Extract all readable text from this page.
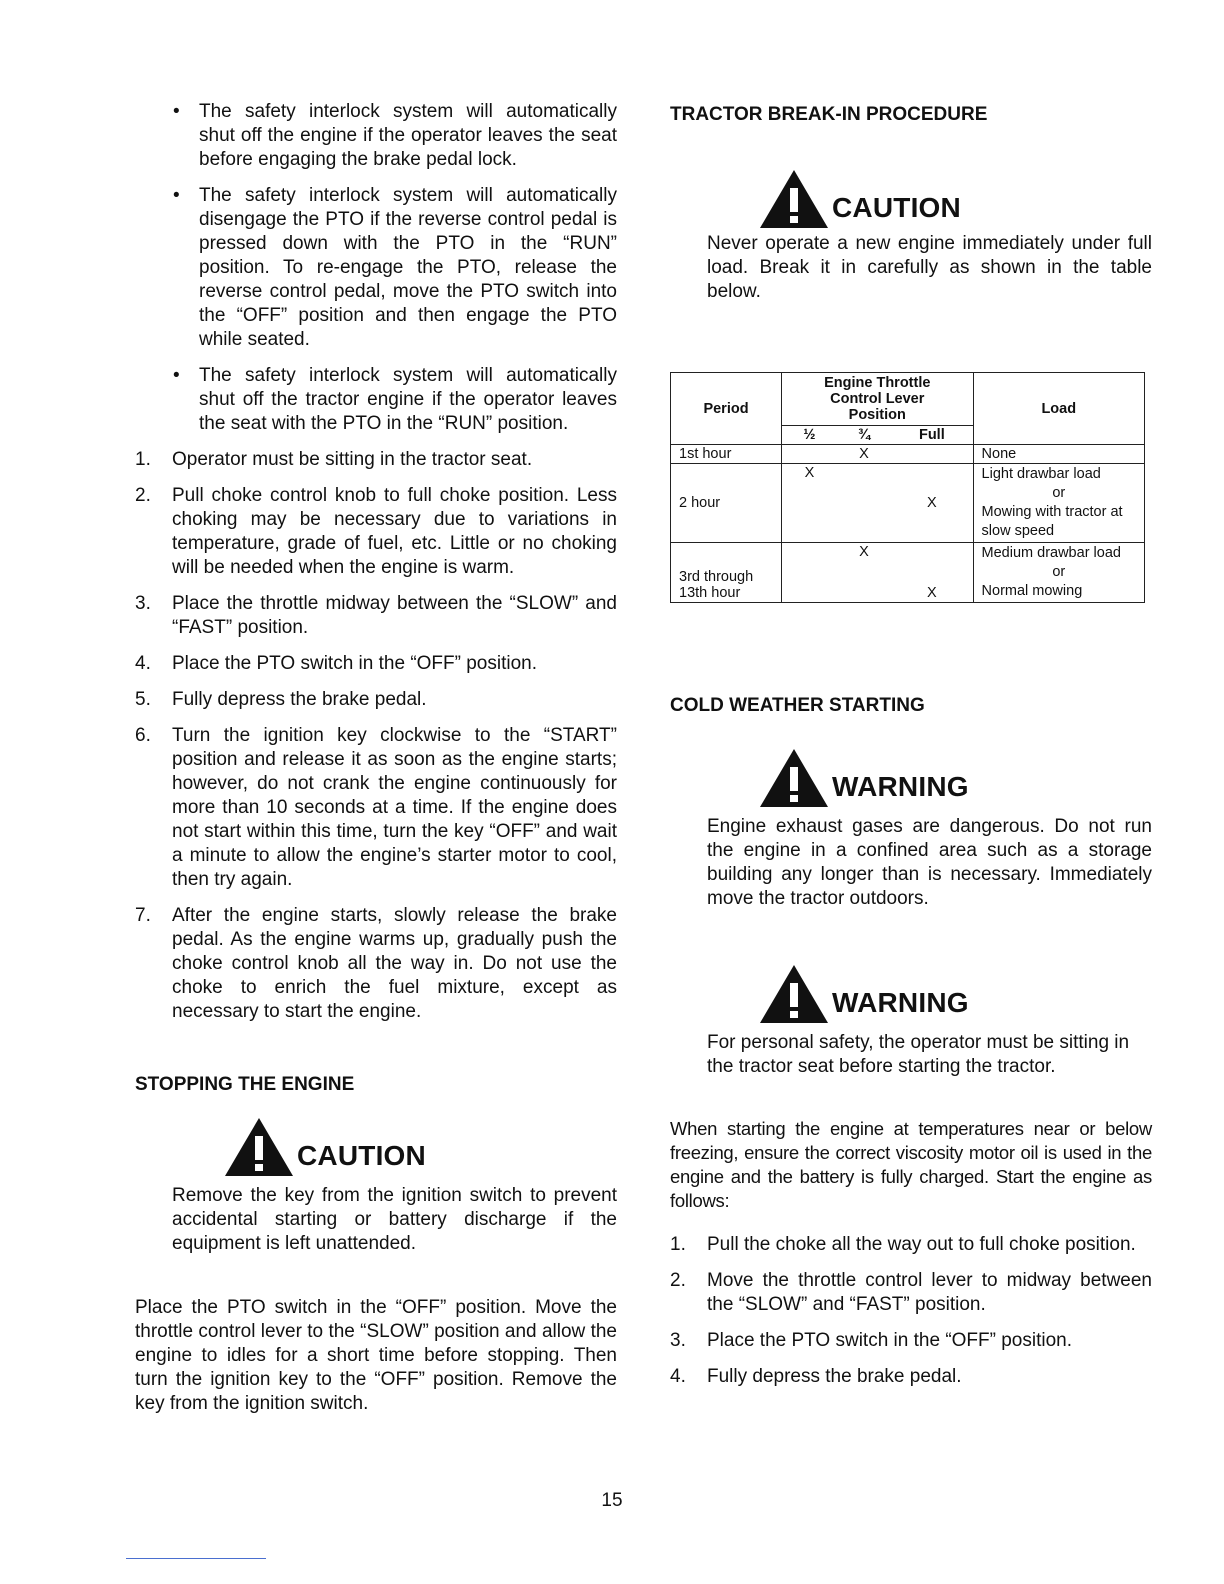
• The safety interlock system will automatically shut off the engine if the operator leaves the seat before engaging the brake pedal lock.
• The safety interlock system will automatically disengage the PTO if the reverse control pedal is pressed down with the PTO in the “RUN” position. To re-engage the PTO, release the reverse control pedal, move the PTO switch into the “OFF” position and then engage the PTO while seated.
• The safety interlock system will automatically shut off the tractor engine if the operator leaves the seat with the PTO in the “RUN” position.
1. Operator must be sitting in the tractor seat.
2. Pull choke control knob to full choke position. Less choking may be necessary due to variations in temperature, grade of fuel, etc. Little or no choking will be needed when the engine is warm.
3. Place the throttle midway between the “SLOW” and “FAST” position.
4. Place the PTO switch in the “OFF” position.
5. Fully depress the brake pedal.
6. Turn the ignition key clockwise to the “START” position and release it as soon as the engine starts; however, do not crank the engine continuously for more than 10 seconds at a time. If the engine does not start within this time, turn the key “OFF” and wait a minute to allow the engine’s starter motor to cool, then try again.
7. After the engine starts, slowly release the brake pedal. As the engine warms up, gradually push the choke control knob all the way in. Do not use the choke to enrich the fuel mixture, except as necessary to start the engine.
STOPPING THE ENGINE
CAUTION

Remove the key from the ignition switch to prevent accidental starting or battery discharge if the equipment is left unattended.

Place the PTO switch in the “OFF” position. Move the throttle control lever to the “SLOW” position and allow the engine to idles for a short time before stopping. Then turn the ignition key to the “OFF” position. Remove the key from the ignition switch.

TRACTOR BREAK-IN PROCEDURE
CAUTION

Never operate a new engine immediately under full load. Break it in carefully as shown in the table below.

Period	Engine Throttle Control Lever Position			Load
	½	¾	Full	
1st hour		X		None
2 hour	X		X	Light drawbar load
or
Mowing with tractor at slow speed

3rd through 13th hour		X	X	Medium drawbar load
or
Normal mowing
COLD WEATHER STARTING
WARNING

Engine exhaust gases are dangerous. Do not run the engine in a confined area such as a storage building any longer than is necessary. Immediately move the tractor outdoors.

WARNING

For personal safety, the operator must be sitting in the tractor seat before starting the tractor.

When starting the engine at temperatures near or below freezing, ensure the correct viscosity motor oil is used in the engine and the battery is fully charged. Start the engine as follows:

1. Pull the choke all the way out to full choke position.
2. Move the throttle control lever to midway between the “SLOW” and “FAST” position.
3. Place the PTO switch in the “OFF” position.
4. Fully depress the brake pedal.
15
